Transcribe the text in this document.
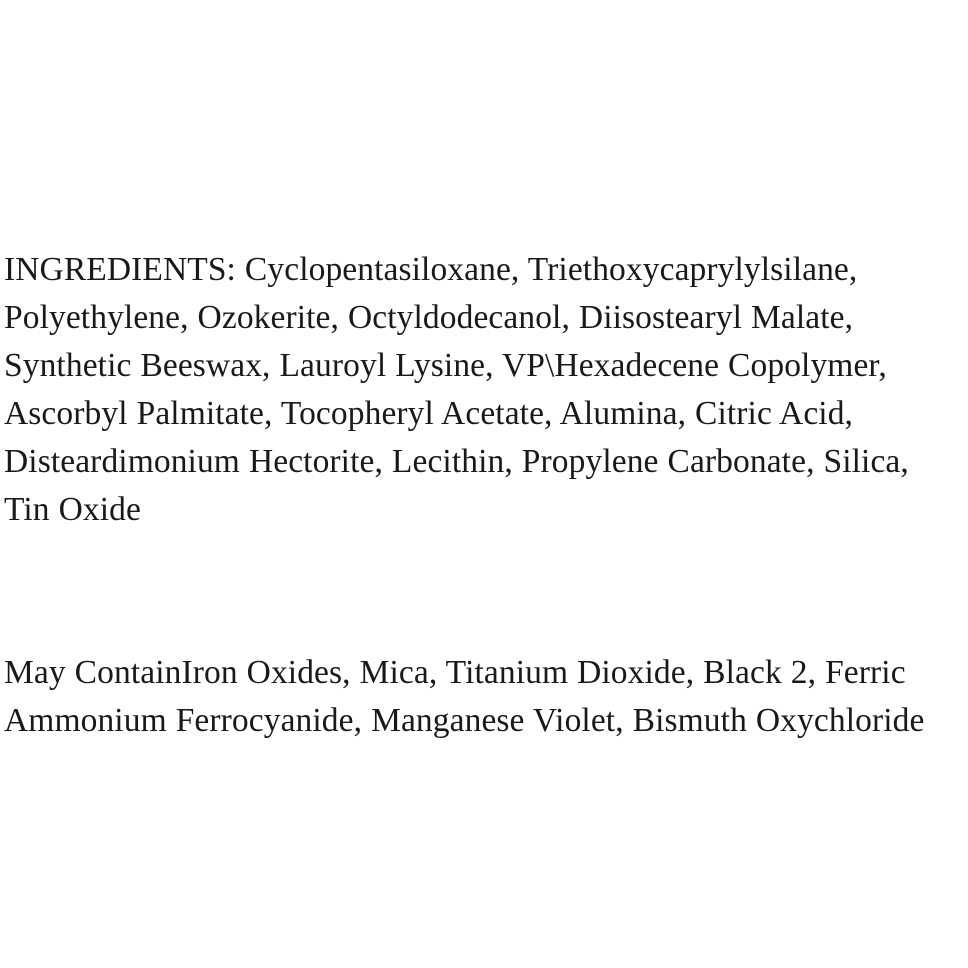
INGREDIENTS: Cyclopentasiloxane, Triethoxycaprylylsilane, Polyethylene, Ozokerite, Octyldodecanol, Diisostearyl Malate, Synthetic Beeswax, Lauroyl Lysine, VP\Hexadecene Copolymer, Ascorbyl Palmitate, Tocopheryl Acetate, Alumina, Citric Acid, Disteardimonium Hectorite, Lecithin, Propylene Carbonate, Silica, Tin Oxide

May ContainIron Oxides, Mica, Titanium Dioxide, Black 2, Ferric Ammonium Ferrocyanide, Manganese Violet, Bismuth Oxychloride
